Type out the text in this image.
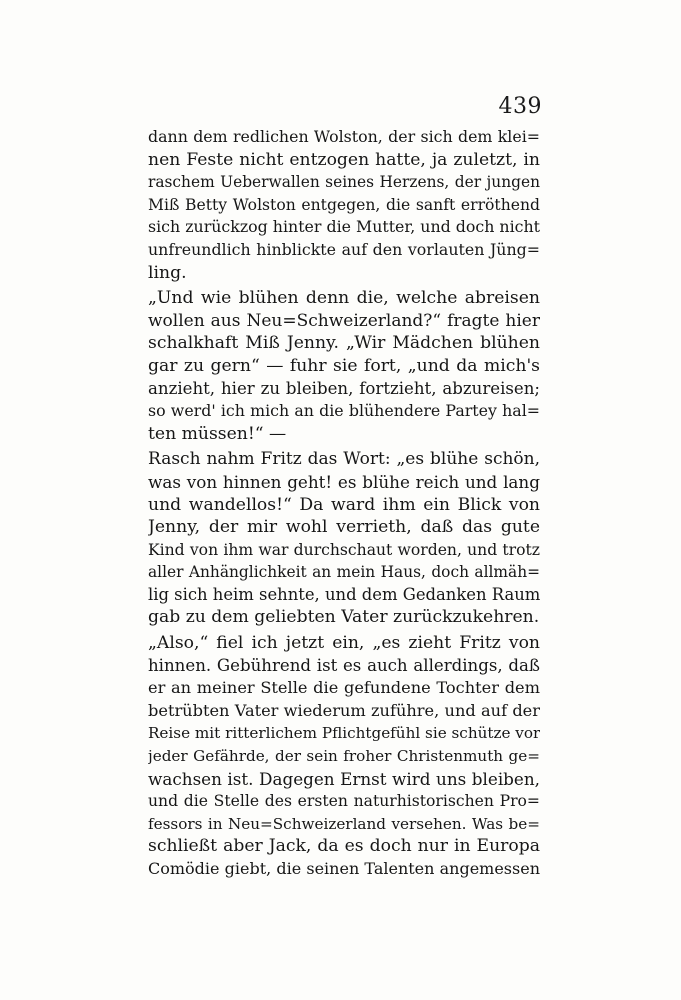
439
dann dem redlichen Wolston, der sich dem klei=
nen Feste nicht entzogen hatte, ja zuletzt, in
raschem Ueberwallen seines Herzens, der jungen
Miß Betty Wolston entgegen, die sanft erröthend
sich zurückzog hinter die Mutter, und doch nicht
unfreundlich hinblickte auf den vorlauten Jüng=
ling.
„Und wie blühen denn die, welche abreisen
wollen aus Neu=Schweizerland?“ fragte hier
schalkhaft Miß Jenny. „Wir Mädchen blühen
gar zu gern“ — fuhr sie fort, „und da mich's
anzieht, hier zu bleiben, fortzieht, abzureisen;
so werd' ich mich an die blühendere Partey hal=
ten müssen!“ —
Rasch nahm Fritz das Wort: „es blühe schön,
was von hinnen geht! es blühe reich und lang
und wandellos!“ Da ward ihm ein Blick von
Jenny, der mir wohl verrieth, daß das gute
Kind von ihm war durchschaut worden, und trotz
aller Anhänglichkeit an mein Haus, doch allmäh=
lig sich heim sehnte, und dem Gedanken Raum
gab zu dem geliebten Vater zurückzukehren.
„Also,“ fiel ich jetzt ein, „es zieht Fritz von
hinnen. Gebührend ist es auch allerdings, daß
er an meiner Stelle die gefundene Tochter dem
betrübten Vater wiederum zuführe, und auf der
Reise mit ritterlichem Pflichtgefühl sie schütze vor
jeder Gefährde, der sein froher Christenmuth ge=
wachsen ist. Dagegen Ernst wird uns bleiben,
und die Stelle des ersten naturhistorischen Pro=
fessors in Neu=Schweizerland versehen. Was be=
schließt aber Jack, da es doch nur in Europa
Comödie giebt, die seinen Talenten angemessen
